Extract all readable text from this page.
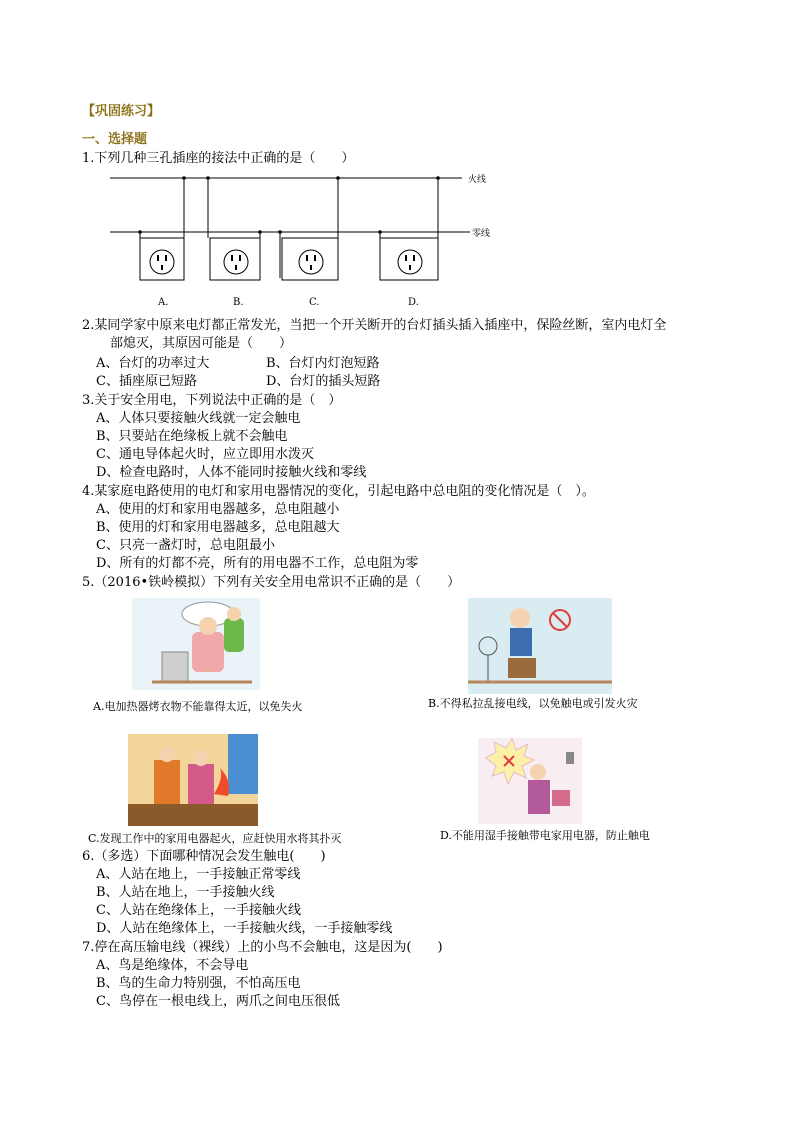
【巩固练习】
一、选择题
1.下列几种三孔插座的接法中正确的是（　　）
火线
零线
A.	B.	C.	D.
2.某同学家中原来电灯都正常发光，当把一个开关断开的台灯插头插入插座中，保险丝断，室内电灯全
部熄灭，其原因可能是（　　）
A、台灯的功率过大	B、台灯内灯泡短路
C、插座原已短路	D、台灯的插头短路
3.关于安全用电，下列说法中正确的是（　）
A、人体只要接触火线就一定会触电
B、只要站在绝缘板上就不会触电
C、通电导体起火时，应立即用水泼灭
D、检查电路时，人体不能同时接触火线和零线
4.某家庭电路使用的电灯和家用电器情况的变化，引起电路中总电阻的变化情况是（　）。
A、使用的灯和家用电器越多，总电阻越小
B、使用的灯和家用电器越多，总电阻越大
C、只亮一盏灯时，总电阻最小
D、所有的灯都不亮，所有的用电器不工作，总电阻为零
5.（2016•铁岭模拟）下列有关安全用电常识不正确的是（　　）
A.电加热器烤衣物不能靠得太近，以免失火	B.不得私拉乱接电线，以免触电或引发火灾
C.发现工作中的家用电器起火，应赶快用水将其扑灭	D.不能用湿手接触带电家用电器，防止触电
6.（多选）下面哪种情况会发生触电(　　)
A、人站在地上，一手接触正常零线
B、人站在地上，一手接触火线
C、人站在绝缘体上，一手接触火线
D、人站在绝缘体上，一手接触火线，一手接触零线
7.停在高压输电线（裸线）上的小鸟不会触电，这是因为(　　)
A、鸟是绝缘体，不会导电
B、鸟的生命力特别强，不怕高压电
C、鸟停在一根电线上，两爪之间电压很低
